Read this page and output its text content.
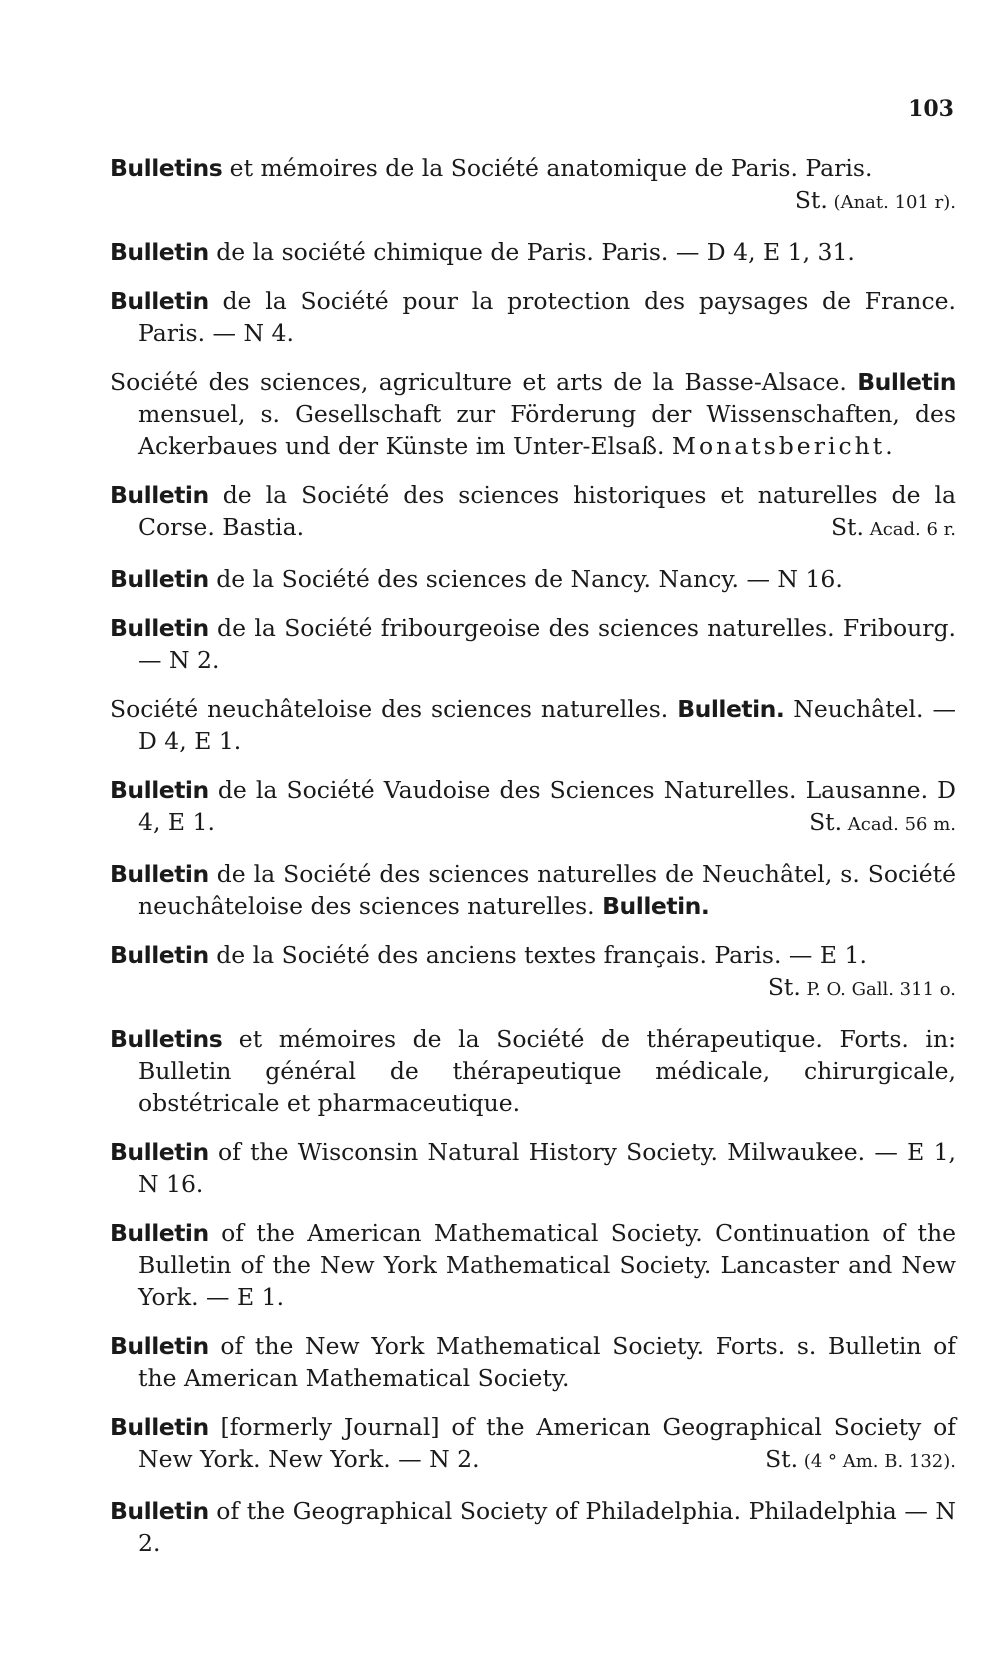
103
Bulletins et mémoires de la Société anatomique de Paris. Paris.
St. (Anat. 101 r).
Bulletin de la société chimique de Paris. Paris. — D 4, E 1, 31.
Bulletin de la Société pour la protection des paysages de France. Paris. — N 4.
Société des sciences, agriculture et arts de la Basse-Alsace. Bulletin mensuel, s. Gesellschaft zur Förderung der Wissenschaften, des Ackerbaues und der Künste im Unter-Elsaß. Monatsbericht.
Bulletin de la Société des sciences historiques et naturelles de la Corse. Bastia.	St. Acad. 6 r.
Bulletin de la Société des sciences de Nancy. Nancy. — N 16.
Bulletin de la Société fribourgeoise des sciences naturelles. Fribourg. — N 2.
Société neuchâteloise des sciences naturelles. Bulletin. Neuchâtel. — D 4, E 1.
Bulletin de la Société Vaudoise des Sciences Naturelles. Lausanne. D 4, E 1.	St. Acad. 56 m.
Bulletin de la Société des sciences naturelles de Neuchâtel, s. Société neuchâteloise des sciences naturelles. Bulletin.
Bulletin de la Société des anciens textes français. Paris. — E 1.
St. P. O. Gall. 311 o.
Bulletins et mémoires de la Société de thérapeutique. Forts. in: Bulletin général de thérapeutique médicale, chirurgicale, obstétricale et pharmaceutique.
Bulletin of the Wisconsin Natural History Society. Milwaukee. — E 1, N 16.
Bulletin of the American Mathematical Society. Continuation of the Bulletin of the New York Mathematical Society. Lancaster and New York. — E 1.
Bulletin of the New York Mathematical Society. Forts. s. Bulletin of the American Mathematical Society.
Bulletin [formerly Journal] of the American Geographical Society of New York. New York. — N 2.	St. (4 ° Am. B. 132).
Bulletin of the Geographical Society of Philadelphia. Philadelphia — N 2.
